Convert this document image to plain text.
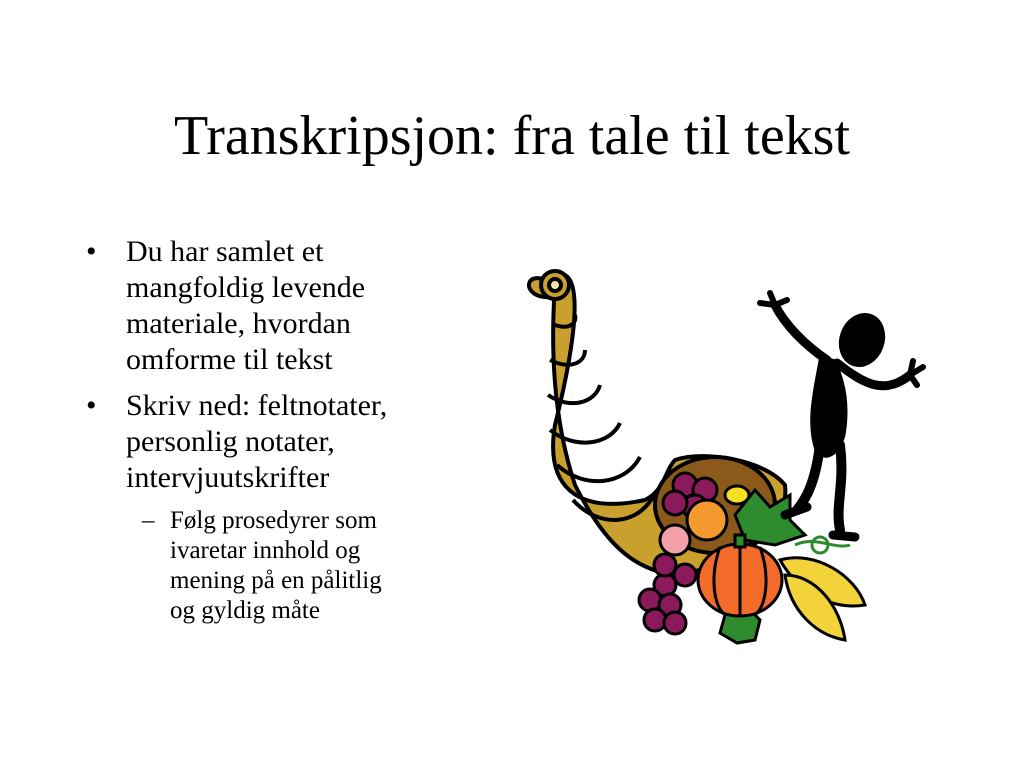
Transkripsjon: fra tale til tekst
• Du har samlet et
mangfoldig levende
materiale, hvordan
omforme til tekst
• Skriv ned: feltnotater,
personlig notater,
intervjuutskrifter
– Følg prosedyrer som
ivaretar innhold og
mening på en pålitlig
og gyldig måte
